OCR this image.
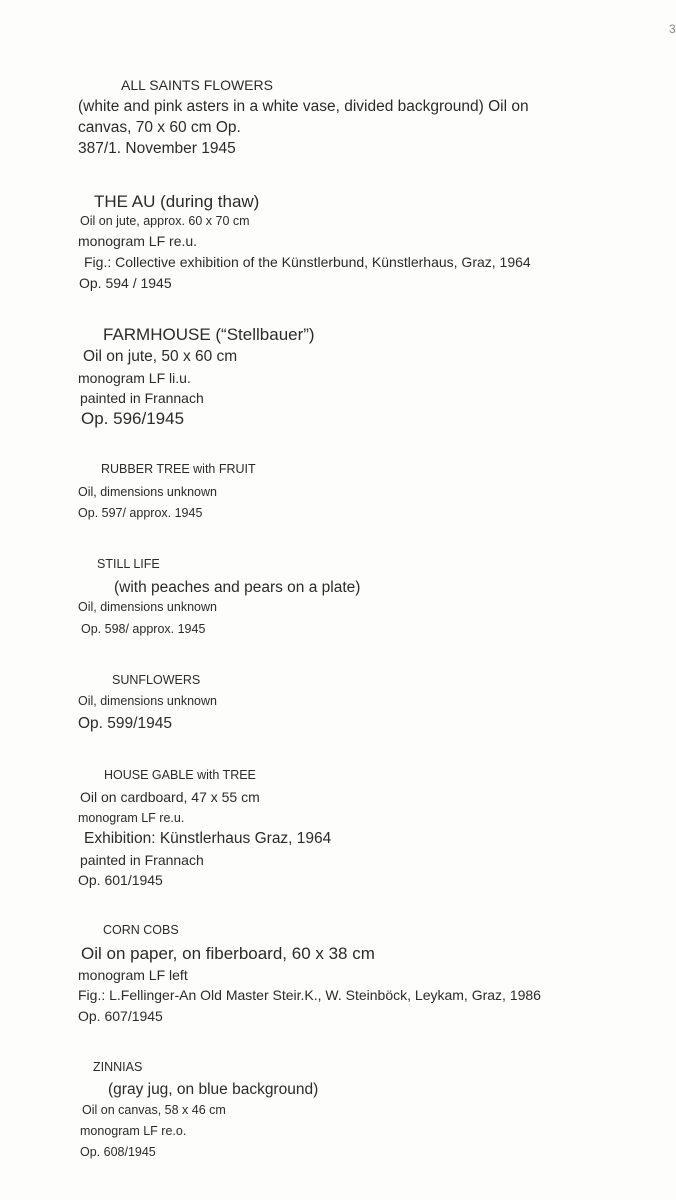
3
ALL SAINTS FLOWERS
(white and pink asters in a white vase, divided background) Oil on
canvas, 70 x 60 cm Op.
387/1. November 1945
THE AU (during thaw)
Oil on jute, approx. 60 x 70 cm
monogram LF re.u.
Fig.: Collective exhibition of the Künstlerbund, Künstlerhaus, Graz, 1964
Op. 594 / 1945
FARMHOUSE (“Stellbauer”)
Oil on jute, 50 x 60 cm
monogram LF li.u.
painted in Frannach
Op. 596/1945
RUBBER TREE with FRUIT
Oil, dimensions unknown
Op. 597/ approx. 1945
STILL LIFE
(with peaches and pears on a plate)
Oil, dimensions unknown
Op. 598/ approx. 1945
SUNFLOWERS
Oil, dimensions unknown
Op. 599/1945
HOUSE GABLE with TREE
Oil on cardboard, 47 x 55 cm
monogram LF re.u.
Exhibition: Künstlerhaus Graz, 1964
painted in Frannach
Op. 601/1945
CORN COBS
Oil on paper, on fiberboard, 60 x 38 cm
monogram LF left
Fig.: L.Fellinger-An Old Master Steir.K., W. Steinböck, Leykam, Graz, 1986
Op. 607/1945
ZINNIAS
(gray jug, on blue background)
Oil on canvas, 58 x 46 cm
monogram LF re.o.
Op. 608/1945
